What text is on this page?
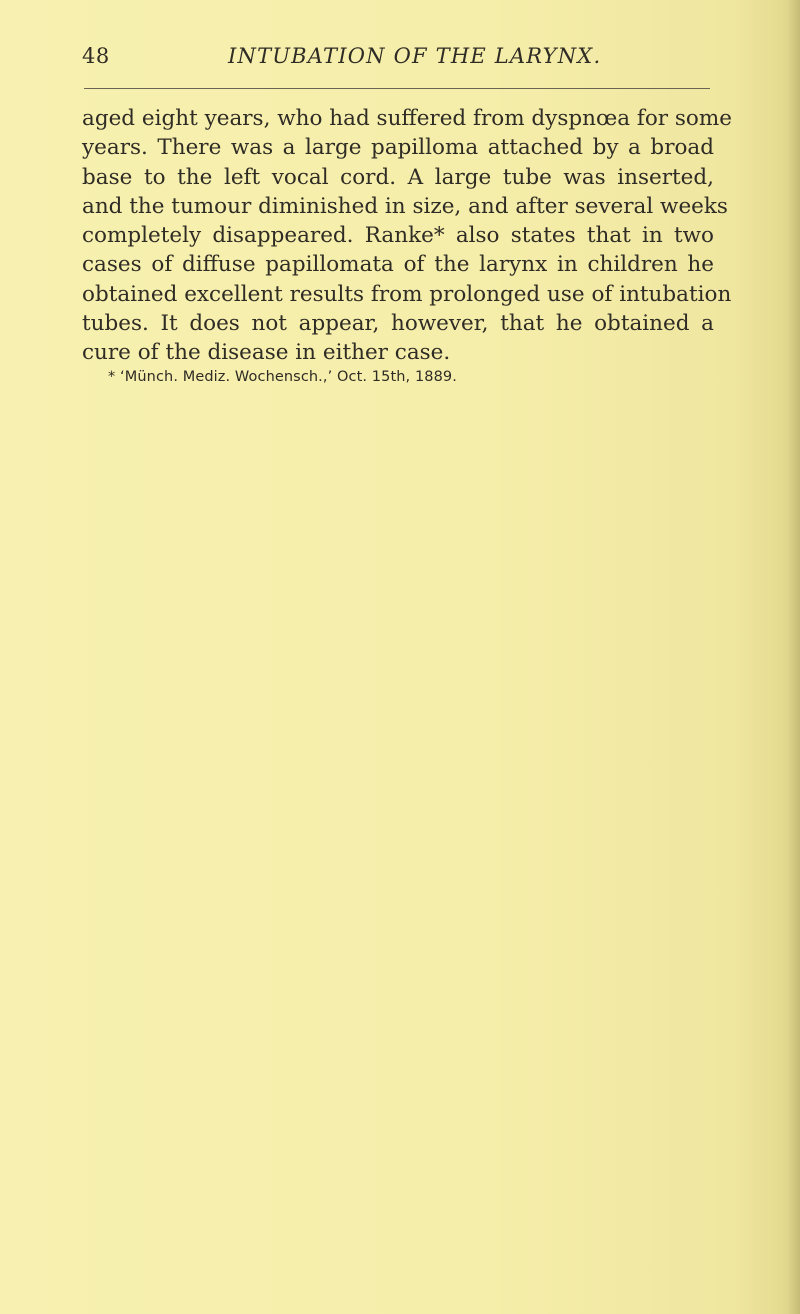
48	INTUBATION OF THE LARYNX.
aged eight years, who had suffered from dyspnœa for some
years. There was a large papilloma attached by a broad
base to the left vocal cord. A large tube was inserted,
and the tumour diminished in size, and after several weeks
completely disappeared. Ranke* also states that in two
cases of diffuse papillomata of the larynx in children he
obtained excellent results from prolonged use of intubation
tubes. It does not appear, however, that he obtained a
cure of the disease in either case.
* ‘Münch. Mediz. Wochensch.,’ Oct. 15th, 1889.
